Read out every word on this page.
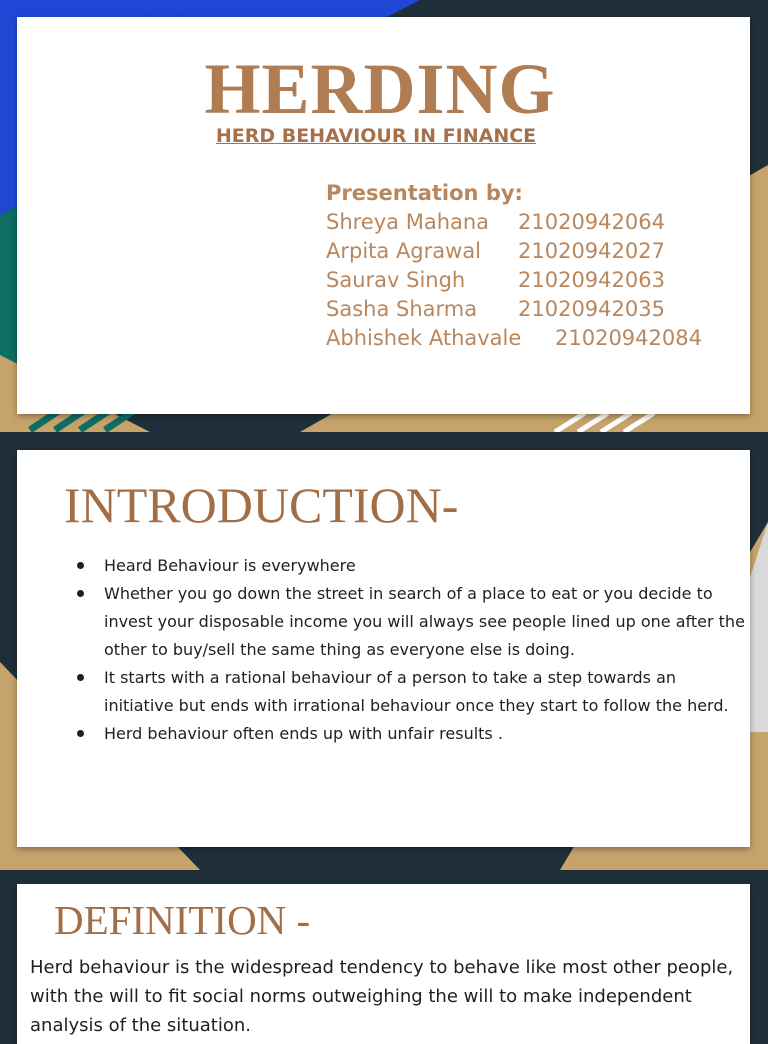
HERDING
HERD BEHAVIOUR IN FINANCE
Presentation by:
Shreya Mahana	21020942064
Arpita Agrawal	21020942027
Saurav Singh	21020942063
Sasha Sharma	21020942035
Abhishek Athavale	21020942084
INTRODUCTION-
Heard Behaviour is everywhere
Whether you go down the street in search of a place to eat or you decide to invest your disposable income you will always see people lined up one after the other to buy/sell the same thing as everyone else is doing.
It starts with a rational behaviour of a person to take a step towards an initiative but ends with irrational behaviour once they start to follow the herd.
Herd behaviour often ends up with unfair results .
DEFINITION -
Herd behaviour is the widespread tendency to behave like most other people, with the will to fit social norms outweighing the will to make independent analysis of the situation.
